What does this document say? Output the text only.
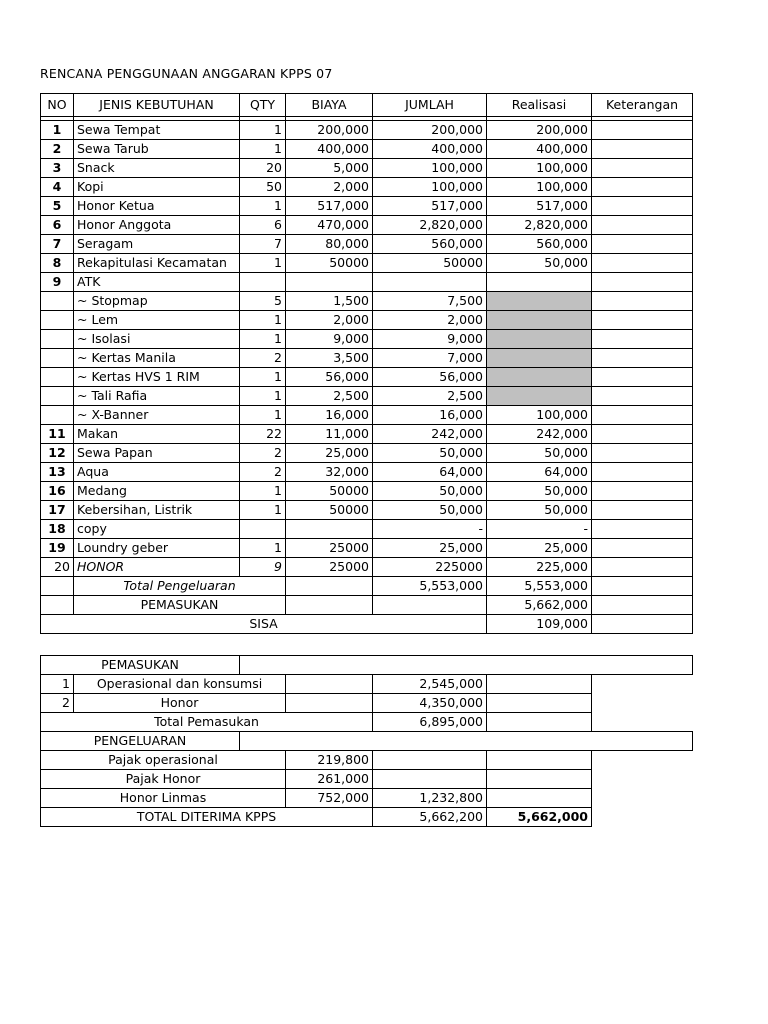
RENCANA PENGGUNAAN ANGGARAN KPPS 07
NO	JENIS KEBUTUHAN	QTY	BIAYA	JUMLAH	Realisasi	Keterangan

1	Sewa Tempat	1	200,000	200,000	200,000	
2	Sewa Tarub	1	400,000	400,000	400,000	
3	Snack	20	5,000	100,000	100,000	
4	Kopi	50	2,000	100,000	100,000	
5	Honor Ketua	1	517,000	517,000	517,000	
6	Honor Anggota	6	470,000	2,820,000	2,820,000	
7	Seragam	7	80,000	560,000	560,000	
8	Rekapitulasi Kecamatan	1	50000	50000	50,000	
9	ATK					
	~ Stopmap	5	1,500	7,500		
	~ Lem	1	2,000	2,000		
	~ Isolasi	1	9,000	9,000		
	~ Kertas Manila	2	3,500	7,000		
	~ Kertas HVS 1 RIM	1	56,000	56,000		
	~ Tali Rafia	1	2,500	2,500		
	~ X-Banner	1	16,000	16,000	100,000	
11	Makan	22	11,000	242,000	242,000	
12	Sewa Papan	2	25,000	50,000	50,000	
13	Aqua	2	32,000	64,000	64,000	
16	Medang	1	50000	50,000	50,000	
17	Kebersihan, Listrik	1	50000	50,000	50,000	
18	copy			-	-	
19	Loundry geber	1	25000	25,000	25,000	
20	HONOR	9	25000	225000	225,000	
	Total Pengeluaran			5,553,000	5,553,000	
	PEMASUKAN				5,662,000	
SISA					109,000	
PEMASUKAN					
1	Operasional dan konsumsi			2,545,000	
2	Honor			4,350,000	
Total Pemasukan				6,895,000	
PENGELUARAN					
Pajak operasional			219,800		
Pajak Honor			261,000		
Honor Linmas			752,000	1,232,800	
TOTAL DITERIMA KPPS				5,662,200	5,662,000
